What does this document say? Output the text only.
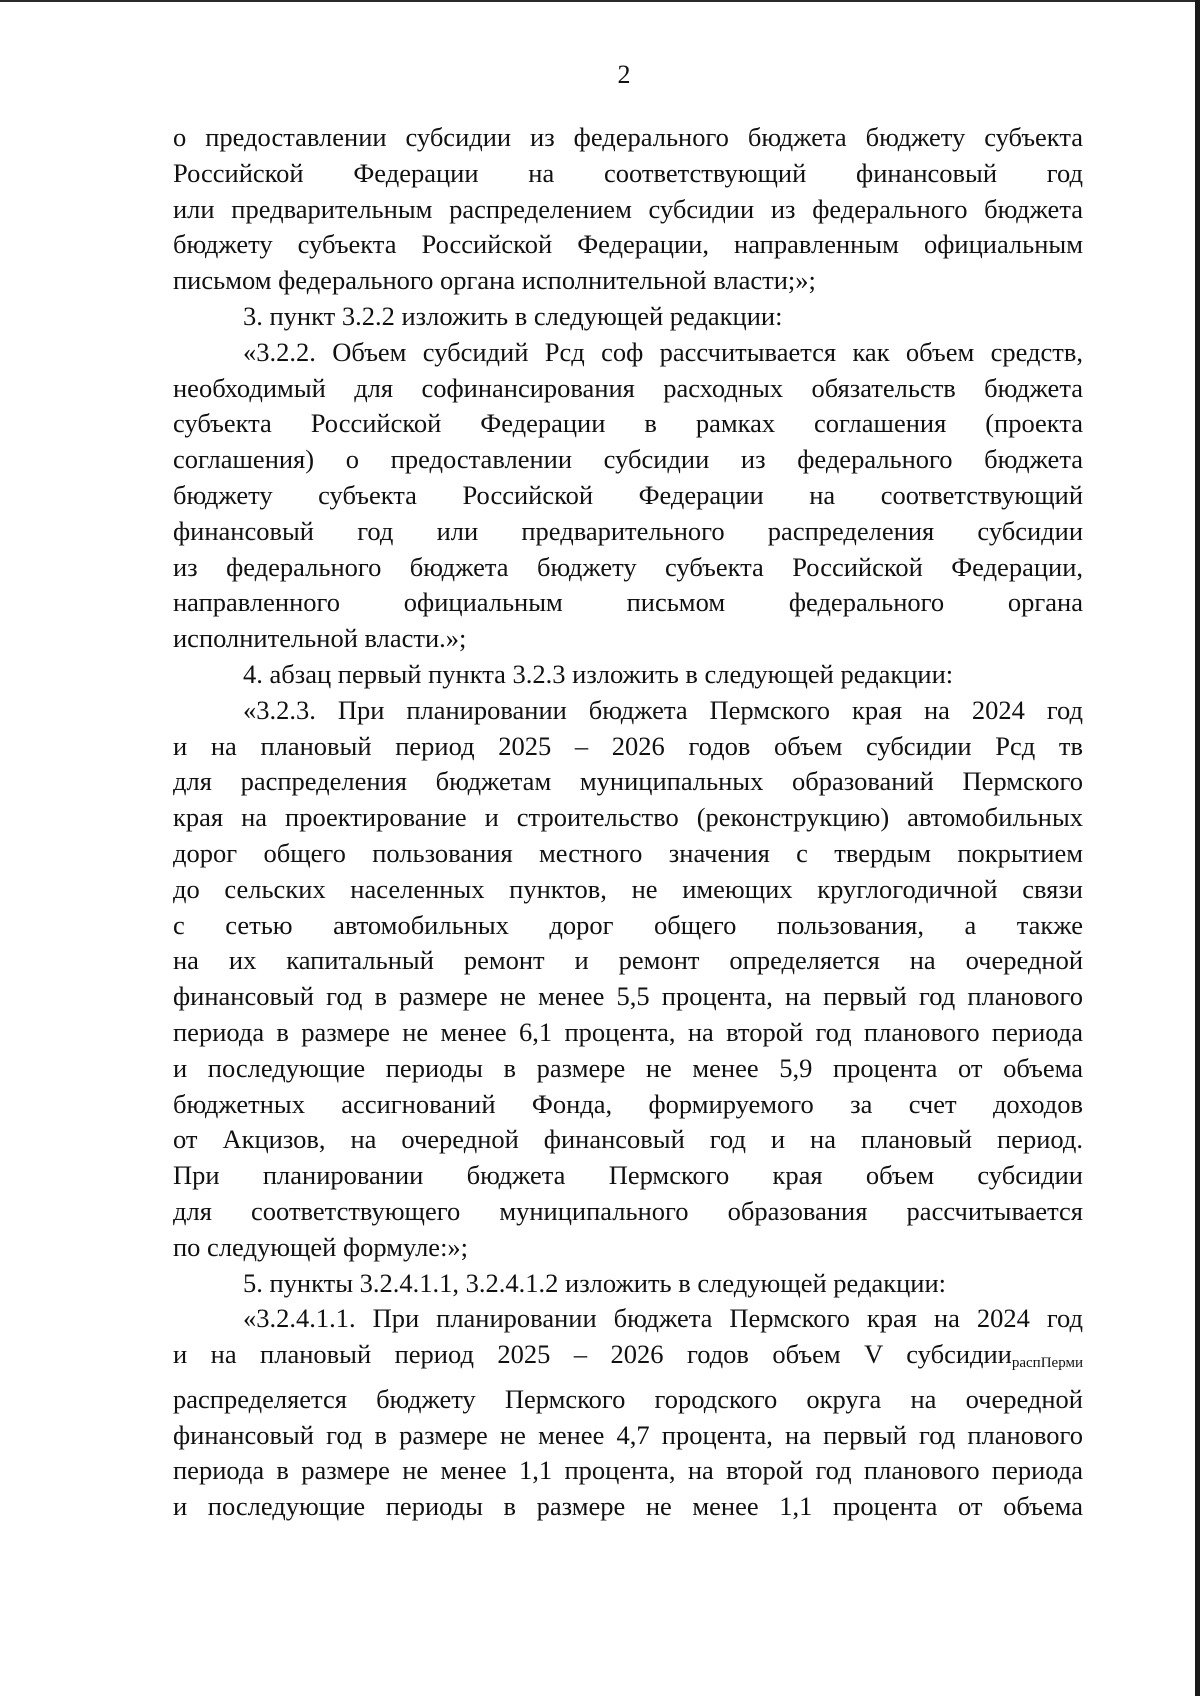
2
о предоставлении субсидии из федерального бюджета бюджету субъекта
Российской Федерации на соответствующий финансовый год
или предварительным распределением субсидии из федерального бюджета
бюджету субъекта Российской Федерации, направленным официальным
письмом федерального органа исполнительной власти;»;
3. пункт 3.2.2 изложить в следующей редакции:
«3.2.2. Объем субсидий Рсд соф рассчитывается как объем средств,
необходимый для софинансирования расходных обязательств бюджета
субъекта Российской Федерации в рамках соглашения (проекта
соглашения) о предоставлении субсидии из федерального бюджета
бюджету субъекта Российской Федерации на соответствующий
финансовый год или предварительного распределения субсидии
из федерального бюджета бюджету субъекта Российской Федерации,
направленного официальным письмом федерального органа
исполнительной власти.»;
4. абзац первый пункта 3.2.3 изложить в следующей редакции:
«3.2.3. При планировании бюджета Пермского края на 2024 год
и на плановый период 2025 – 2026 годов объем субсидии Рсд тв
для распределения бюджетам муниципальных образований Пермского
края на проектирование и строительство (реконструкцию) автомобильных
дорог общего пользования местного значения с твердым покрытием
до сельских населенных пунктов, не имеющих круглогодичной связи
с сетью автомобильных дорог общего пользования, а также
на их капитальный ремонт и ремонт определяется на очередной
финансовый год в размере не менее 5,5 процента, на первый год планового
периода в размере не менее 6,1 процента, на второй год планового периода
и последующие периоды в размере не менее 5,9 процента от объема
бюджетных ассигнований Фонда, формируемого за счет доходов
от Акцизов, на очередной финансовый год и на плановый период.
При планировании бюджета Пермского края объем субсидии
для соответствующего муниципального образования рассчитывается
по следующей формуле:»;
5. пункты 3.2.4.1.1, 3.2.4.1.2 изложить в следующей редакции:
«3.2.4.1.1. При планировании бюджета Пермского края на 2024 год
и на плановый период 2025 – 2026 годов объем V субсидии$_{распПерми}$
распределяется бюджету Пермского городского округа на очередной
финансовый год в размере не менее 4,7 процента, на первый год планового
периода в размере не менее 1,1 процента, на второй год планового периода
и последующие периоды в размере не менее 1,1 процента от объема
